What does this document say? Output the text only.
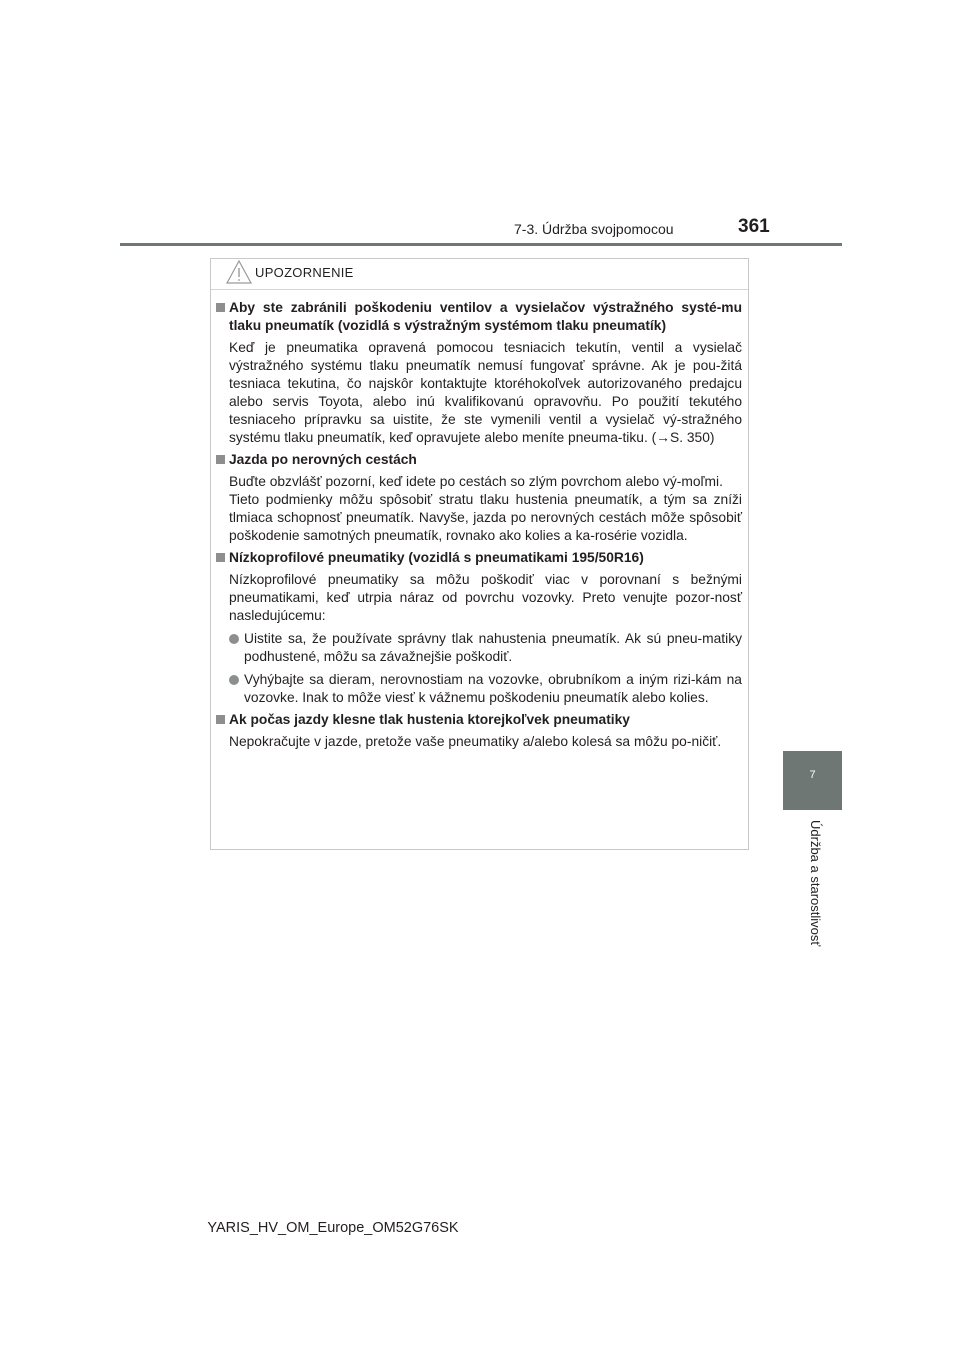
7-3. Údržba svojpomocou	361
7
Údržba a starostlivosť
UPOZORNENIE
Aby ste zabránili poškodeniu ventilov a vysielačov výstražného systé-mu tlaku pneumatík (vozidlá s výstražným systémom tlaku pneumatík)
Keď je pneumatika opravená pomocou tesniacich tekutín, ventil a vysielač výstražného systému tlaku pneumatík nemusí fungovať správne. Ak je pou-žitá tesniaca tekutina, čo najskôr kontaktujte ktoréhokoľvek autorizovaného predajcu alebo servis Toyota, alebo inú kvalifikovanú opravovňu. Po použití tekutého tesniaceho prípravku sa uistite, že ste vymenili ventil a vysielač vý-stražného systému tlaku pneumatík, keď opravujete alebo meníte pneuma-tiku. (→S. 350)
Jazda po nerovných cestách
Buďte obzvlášť pozorní, keď idete po cestách so zlým povrchom alebo vý-moľmi.
Tieto podmienky môžu spôsobiť stratu tlaku hustenia pneumatík, a tým sa zníži tlmiaca schopnosť pneumatík. Navyše, jazda po nerovných cestách môže spôsobiť poškodenie samotných pneumatík, rovnako ako kolies a ka-rosérie vozidla.
Nízkoprofilové pneumatiky (vozidlá s pneumatikami 195/50R16)
Nízkoprofilové pneumatiky sa môžu poškodiť viac v porovnaní s bežnými pneumatikami, keď utrpia náraz od povrchu vozovky. Preto venujte pozor-nosť nasledujúcemu:
Uistite sa, že používate správny tlak nahustenia pneumatík. Ak sú pneu-matiky podhustené, môžu sa závažnejšie poškodiť.
Vyhýbajte sa dieram, nerovnostiam na vozovke, obrubníkom a iným rizi-kám na vozovke. Inak to môže viesť k vážnemu poškodeniu pneumatík alebo kolies.
Ak počas jazdy klesne tlak hustenia ktorejkoľvek pneumatiky
Nepokračujte v jazde, pretože vaše pneumatiky a/alebo kolesá sa môžu po-ničiť.
YARIS_HV_OM_Europe_OM52G76SK
